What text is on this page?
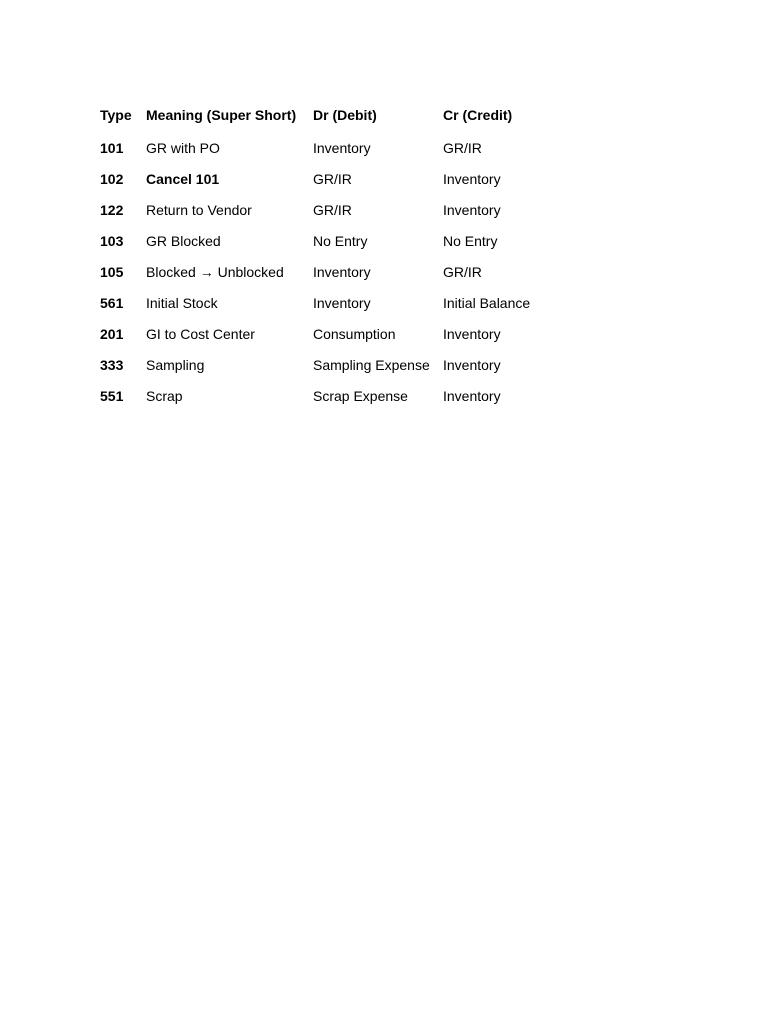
Type	Meaning (Super Short)	Dr (Debit)	Cr (Credit)
101	GR with PO	Inventory	GR/IR
102	Cancel 101	GR/IR	Inventory
122	Return to Vendor	GR/IR	Inventory
103	GR Blocked	No Entry	No Entry
105	Blocked → Unblocked	Inventory	GR/IR
561	Initial Stock	Inventory	Initial Balance
201	GI to Cost Center	Consumption	Inventory
333	Sampling	Sampling Expense	Inventory
551	Scrap	Scrap Expense	Inventory
